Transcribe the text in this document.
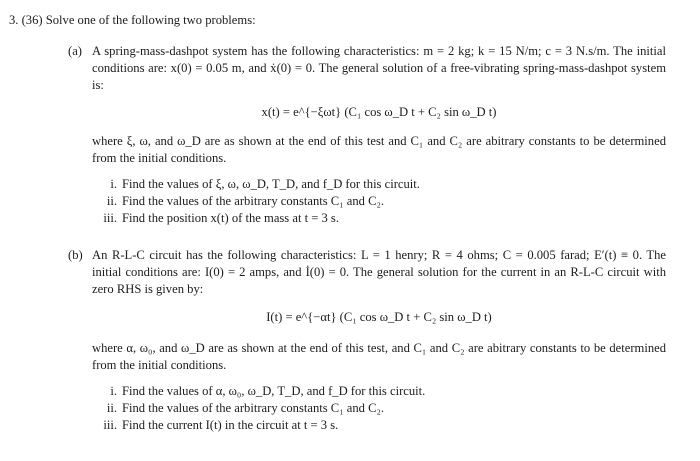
3. (36) Solve one of the following two problems:
(a) A spring-mass-dashpot system has the following characteristics: m = 2 kg; k = 15 N/m; c = 3 N.s/m. The initial conditions are: x(0) = 0.05 m, and ẋ(0) = 0. The general solution of a free-vibrating spring-mass-dashpot system is:

x(t) = e^{−ξωt} (C₁ cos ω_D t + C₂ sin ω_D t)

where ξ, ω, and ω_D are as shown at the end of this test and C₁ and C₂ are abitrary constants to be determined from the initial conditions.

i. Find the values of ξ, ω, ω_D, T_D, and f_D for this circuit.
ii. Find the values of the arbitrary constants C₁ and C₂.
iii. Find the position x(t) of the mass at t = 3 s.
(b) An R-L-C circuit has the following characteristics: L = 1 henry; R = 4 ohms; C = 0.005 farad; E′(t) ≡ 0. The initial conditions are: I(0) = 2 amps, and İ(0) = 0. The general solution for the current in an R-L-C circuit with zero RHS is given by:

I(t) = e^{−αt} (C₁ cos ω_D t + C₂ sin ω_D t)

where α, ω₀, and ω_D are as shown at the end of this test, and C₁ and C₂ are abitrary constants to be determined from the initial conditions.

i. Find the values of α, ω₀, ω_D, T_D, and f_D for this circuit.
ii. Find the values of the arbitrary constants C₁ and C₂.
iii. Find the current I(t) in the circuit at t = 3 s.
